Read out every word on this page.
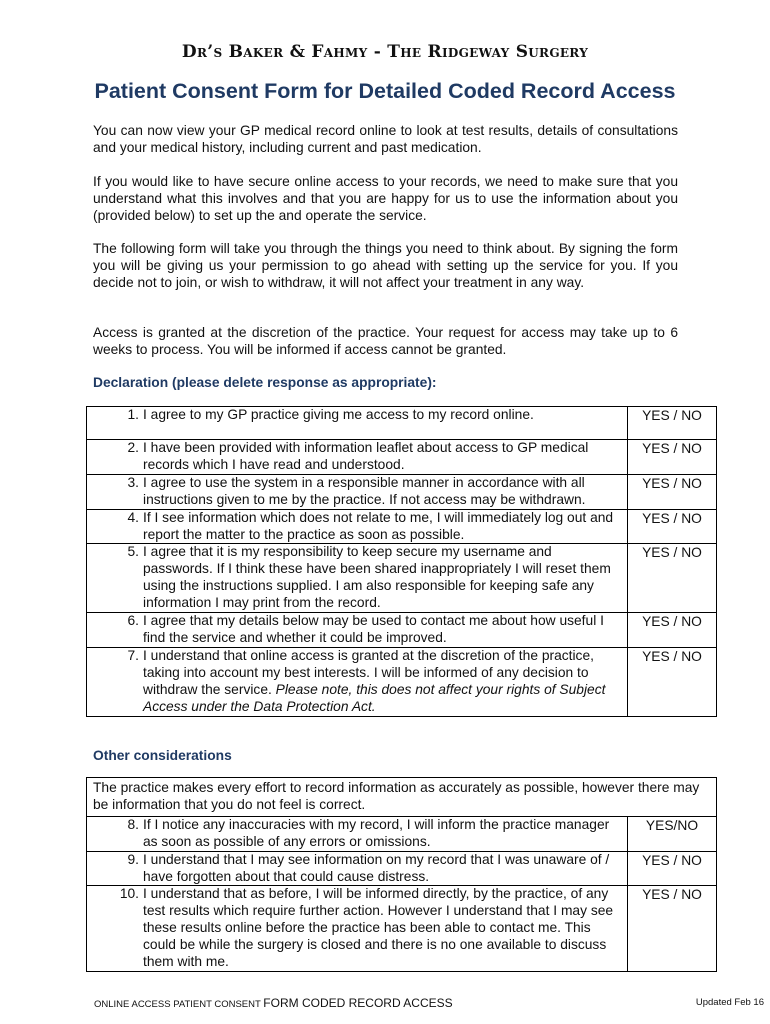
Dr’s Baker & Fahmy - The Ridgeway Surgery
Patient Consent Form for Detailed Coded Record Access
You can now view your GP medical record online to look at test results, details of consultations and your medical history, including current and past medication.
If you would like to have secure online access to your records, we need to make sure that you understand what this involves and that you are happy for us to use the information about you (provided below) to set up the and operate the service.
The following form will take you through the things you need to think about. By signing the form you will be giving us your permission to go ahead with setting up the service for you. If you decide not to join, or wish to withdraw, it will not affect your treatment in any way.
Access is granted at the discretion of the practice. Your request for access may take up to 6 weeks to process. You will be informed if access cannot be granted.
Declaration (please delete response as appropriate):
1. I agree to my GP practice giving me access to my record online.	YES / NO

2. I have been provided with information leaflet about access to GP medical records which I have read and understood.	YES / NO

3. I agree to use the system in a responsible manner in accordance with all instructions given to me by the practice. If not access may be withdrawn.	YES / NO

4. If I see information which does not relate to me, I will immediately log out and report the matter to the practice as soon as possible.	YES / NO

5. I agree that it is my responsibility to keep secure my username and passwords. If I think these have been shared inappropriately I will reset them using the instructions supplied. I am also responsible for keeping safe any information I may print from the record.	YES / NO

6. I agree that my details below may be used to contact me about how useful I find the service and whether it could be improved.	YES / NO

7. I understand that online access is granted at the discretion of the practice, taking into account my best interests. I will be informed of any decision to withdraw the service. Please note, this does not affect your rights of Subject Access under the Data Protection Act.	YES / NO
Other considerations
The practice makes every effort to record information as accurately as possible, however there may be information that you do not feel is correct.	

8. If I notice any inaccuracies with my record, I will inform the practice manager as soon as possible of any errors or omissions.	YES/NO

9. I understand that I may see information on my record that I was unaware of / have forgotten about that could cause distress.	YES / NO

10. I understand that as before, I will be informed directly, by the practice, of any test results which require further action. However I understand that I may see these results online before the practice has been able to contact me. This could be while the surgery is closed and there is no one available to discuss them with me.	YES / NO
ONLINE ACCESS PATIENT CONSENT FORM CODED RECORD ACCESS	Updated Feb 16
